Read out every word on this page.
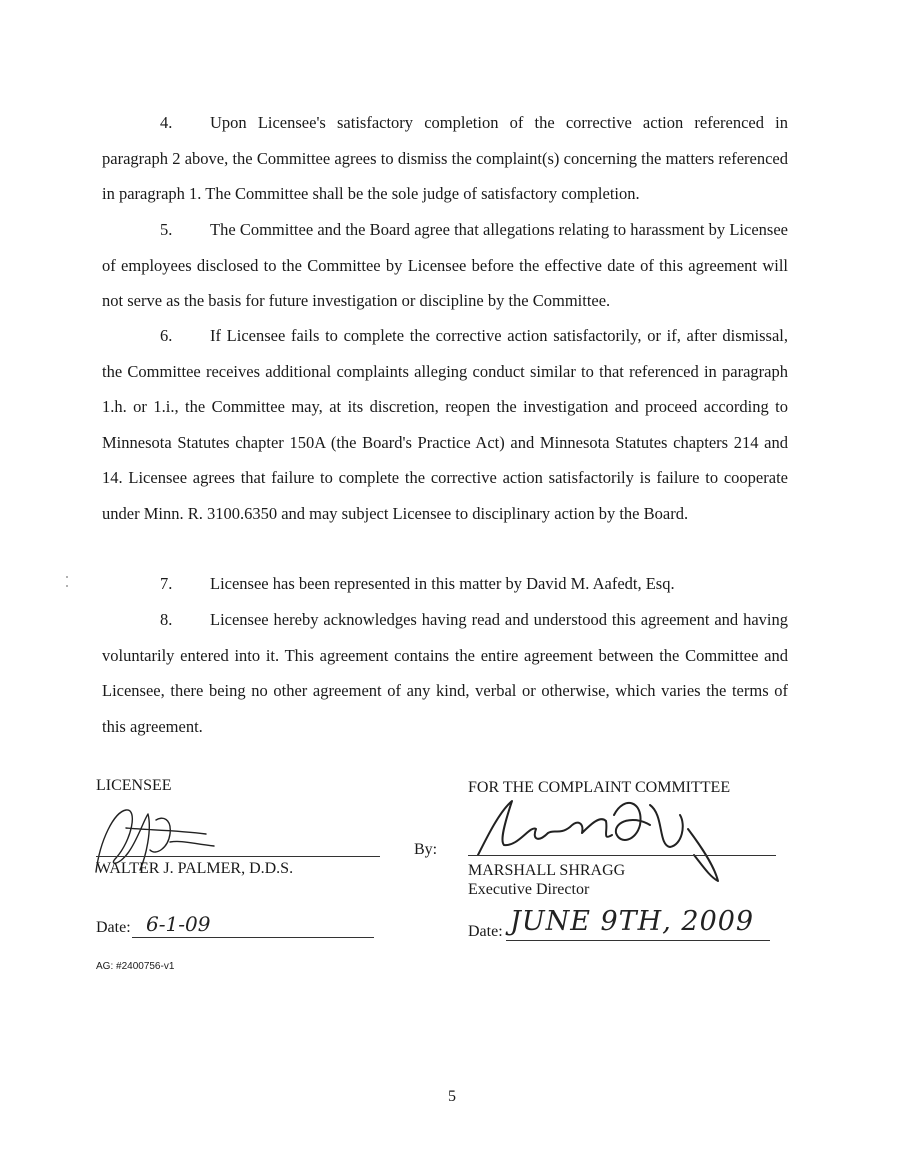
4. Upon Licensee's satisfactory completion of the corrective action referenced in paragraph 2 above, the Committee agrees to dismiss the complaint(s) concerning the matters referenced in paragraph 1. The Committee shall be the sole judge of satisfactory completion.

5. The Committee and the Board agree that allegations relating to harassment by Licensee of employees disclosed to the Committee by Licensee before the effective date of this agreement will not serve as the basis for future investigation or discipline by the Committee.

6. If Licensee fails to complete the corrective action satisfactorily, or if, after dismissal, the Committee receives additional complaints alleging conduct similar to that referenced in paragraph 1.h. or 1.i., the Committee may, at its discretion, reopen the investigation and proceed according to Minnesota Statutes chapter 150A (the Board's Practice Act) and Minnesota Statutes chapters 214 and 14. Licensee agrees that failure to complete the corrective action satisfactorily is failure to cooperate under Minn. R. 3100.6350 and may subject Licensee to disciplinary action by the Board.

7. Licensee has been represented in this matter by David M. Aafedt, Esq.

8. Licensee hereby acknowledges having read and understood this agreement and having voluntarily entered into it. This agreement contains the entire agreement between the Committee and Licensee, there being no other agreement of any kind, verbal or otherwise, which varies the terms of this agreement.

LICENSEE
WALTER J. PALMER, D.D.S.
Date: 6-1-09
AG: #2400756-v1
FOR THE COMPLAINT COMMITTEE
By:
MARSHALL SHRAGG
Executive Director
Date: JUNE 9TH, 2009
5
